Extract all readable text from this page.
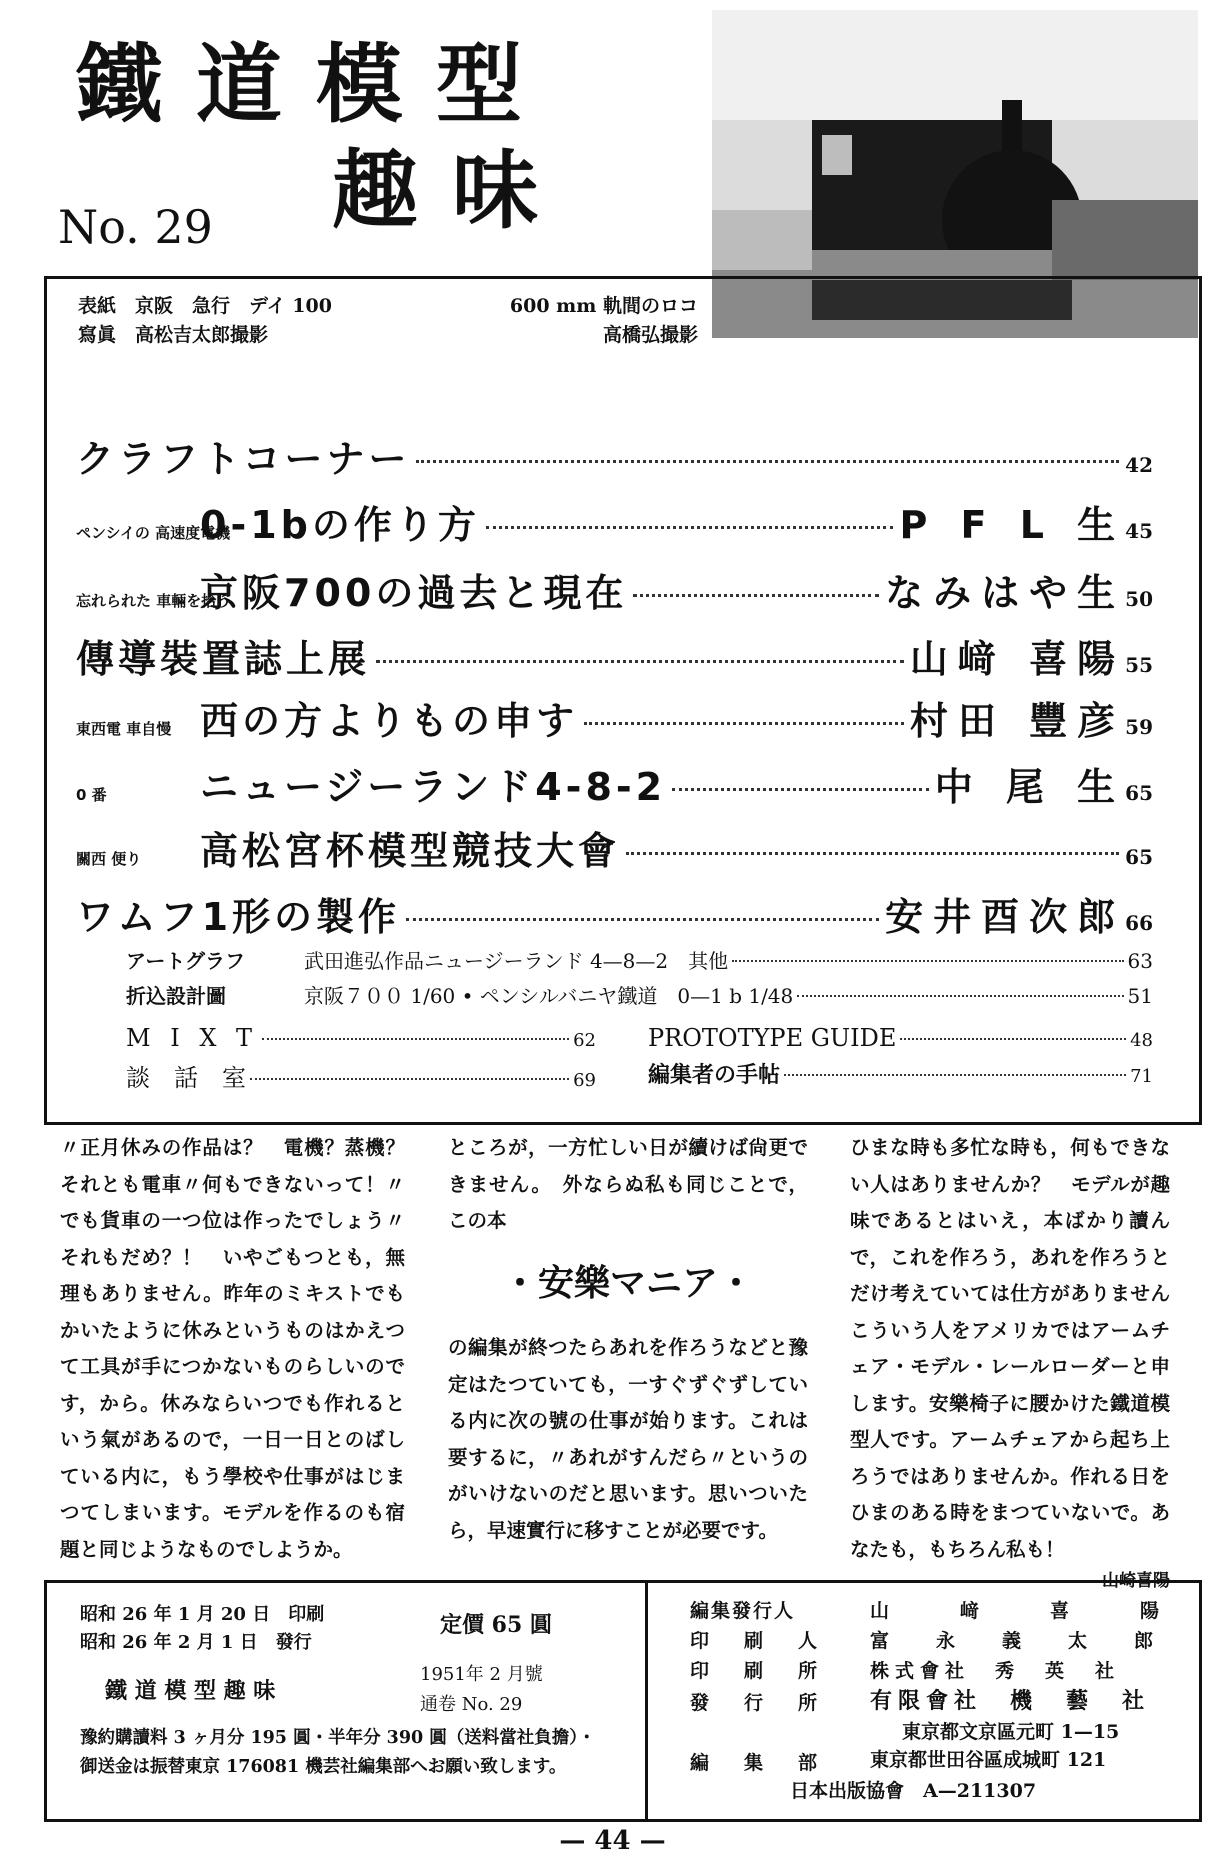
鐵道模型
趣味
No. 29
表紙　京阪　急行　デイ 100
寫眞　高松吉太郎撮影
600 mm 軌間のロコ
高橋弘撮影
クラフトコーナー	42
ペンシイの 高速度電機
0-1bの作り方	P F L 生 45
忘れられた 車輛を拾う
京阪700の過去と現在	なみはや生 50
傳導裝置誌上展	山﨑 喜陽 55
東西電 車自慢 西の方よりもの申す	村田 豐彦 59
0 番	ニュージーランド4-8-2	中 尾 生 65
關西 便り	高松宮杯模型競技大會	65
ワムフ1形の製作	安井酉次郎 66
アートグラフ	武田進弘作品ニュージーランド 4—8—2　其他	63
折込設計圖	京阪７００ 1/60 • ペンシルバニヤ鐵道　0—1 b 1/48	51
M I X T	62
談　話　室	69
PROTOTYPE GUIDE	48
編集者の手帖	71

〃正月休みの作品は？　電機？蒸機？それとも電車〃何もできないって！〃でも貨車の一つ位は作ったでしょう〃それもだめ？！　いやごもつとも，無理もありません。昨年のミキストでもかいたように休みというものはかえつて工具が手につかないものらしいのです，から。休みならいつでも作れるという氣があるので，一日一日とのばしている内に，もう學校や仕事がはじまつてしまいます。モデルを作るのも宿題と同じようなものでしようか。

ところが，一方忙しい日が續けば尙更できません。　外ならぬ私も同じことで，この本

・安樂マニア・

の編集が終つたらあれを作ろうなどと豫定はたつていても，一すぐずぐずしている内に次の號の仕事が始ります。これは要するに，〃あれがすんだら〃というのがいけないのだと思います。思いついたら，早速實行に移すことが必要です。

ひまな時も多忙な時も，何もできない人はありませんか？　モデルが趣味であるとはいえ，本ばかり讀んで，これを作ろう，あれを作ろうとだけ考えていては仕方がありませんこういう人をアメリカではアームチェア・モデル・レールローダーと申します。安樂椅子に腰かけた鐵道模型人です。アームチェアから起ち上ろうではありませんか。作れる日をひまのある時をまつていないで。あなたも，もちろん私も！

山崎喜陽
昭和 26 年 1 月 20 日　印刷
昭和 26 年 2 月 1 日　發行
定價 65 圓
1951年 2 月號
通卷 No. 29
鐵 道 模 型 趣 味
豫約購讀料 3 ヶ月分 195 圓・半年分 390 圓（送料當社負擔）・御送金は振替東京 176081 機芸社編集部へお願い致します。
編集發行人	山　﨑　喜　陽
印　刷　人 富　永　義　太　郎
印　刷　所 株式會社　秀　英　社
發　行　所 有限會社　機　藝　社
東京都文京區元町 1—15
編　集　部 東京都世田谷區成城町 121
日本出版協會　A—211307
— 44 —
